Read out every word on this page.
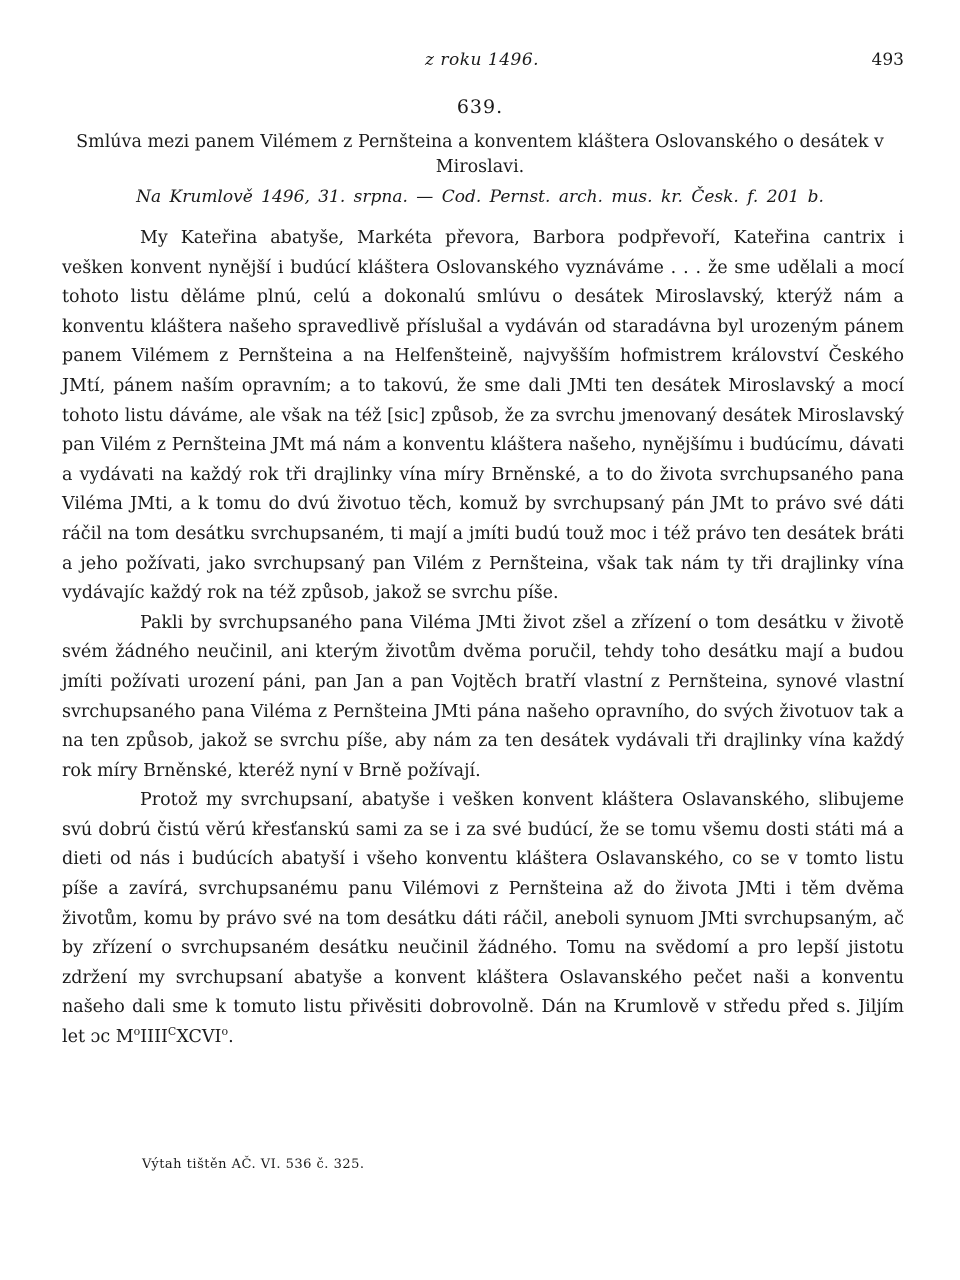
z roku 1496.	493
639.
Smlúva mezi panem Vilémem z Pernšteina a konventem kláštera Oslovanského o desátek v Miroslavi.
Na Krumlově 1496, 31. srpna. — Cod. Pernst. arch. mus. kr. Česk. f. 201 b.

My Kateřina abatyše, Markéta převora, Barbora podpřevoří, Kateřina cantrix i vešken konvent nynější i budúcí kláštera Oslovanského vyznáváme . . . že sme udělali a mocí tohoto listu děláme plnú, celú a dokonalú smlúvu o desátek Miroslavský, kterýž nám a konventu kláštera našeho spravedlivě příslušal a vydáván od staradávna byl urozeným pánem panem Vilémem z Pernšteina a na Helfenšteině, najvyšším hofmistrem království Českého JMtí, pánem naším opravním; a to takovú, že sme dali JMti ten desátek Miroslavský a mocí tohoto listu dáváme, ale však na též [sic] způsob, že za svrchu jmenovaný desátek Miroslavský pan Vilém z Pernšteina JMt má nám a konventu kláštera našeho, nynějšímu i budúcímu, dávati a vydávati na každý rok tři drajlinky vína míry Brněnské, a to do života svrchupsaného pana Viléma JMti, a k tomu do dvú životuo těch, komuž by svrchupsaný pán JMt to právo své dáti ráčil na tom desátku svrchupsaném, ti mají a jmíti budú touž moc i též právo ten desátek bráti a jeho požívati, jako svrchupsaný pan Vilém z Pernšteina, však tak nám ty tři drajlinky vína vydávajíc každý rok na též způsob, jakož se svrchu píše.

Pakli by svrchupsaného pana Viléma JMti život zšel a zřízení o tom desátku v životě svém žádného neučinil, ani kterým životům dvěma poručil, tehdy toho desátku mají a budou jmíti požívati urození páni, pan Jan a pan Vojtěch bratří vlastní z Pernšteina, synové vlastní svrchupsaného pana Viléma z Pernšteina JMti pána našeho opravního, do svých životuov tak a na ten způsob, jakož se svrchu píše, aby nám za ten desátek vydávali tři drajlinky vína každý rok míry Brněnské, kteréž nyní v Brně požívají.

Protož my svrchupsaní, abatyše i vešken konvent kláštera Oslavanského, slibujeme svú dobrú čistú věrú křesťanskú sami za se i za své budúcí, že se tomu všemu dosti státi má a dieti od nás i budúcích abatyší i všeho konventu kláštera Oslavanského, co se v tomto listu píše a zavírá, svrchupsanému panu Vilémovi z Pernšteina až do života JMti i těm dvěma životům, komu by právo své na tom desátku dáti ráčil, aneboli synuom JMti svrchupsaným, ač by zřízení o svrchupsaném desátku neučinil žádného. Tomu na svědomí a pro lepší jistotu zdržení my svrchupsaní abatyše a konvent kláštera Oslavanského pečet naši a konventu našeho dali sme k tomuto listu přivěsiti dobrovolně. Dán na Krumlově v středu před s. Jiljím let ɔc $M^oIIII^CXCVI^o$.

Výtah tištěn AČ. VI. 536 č. 325.
